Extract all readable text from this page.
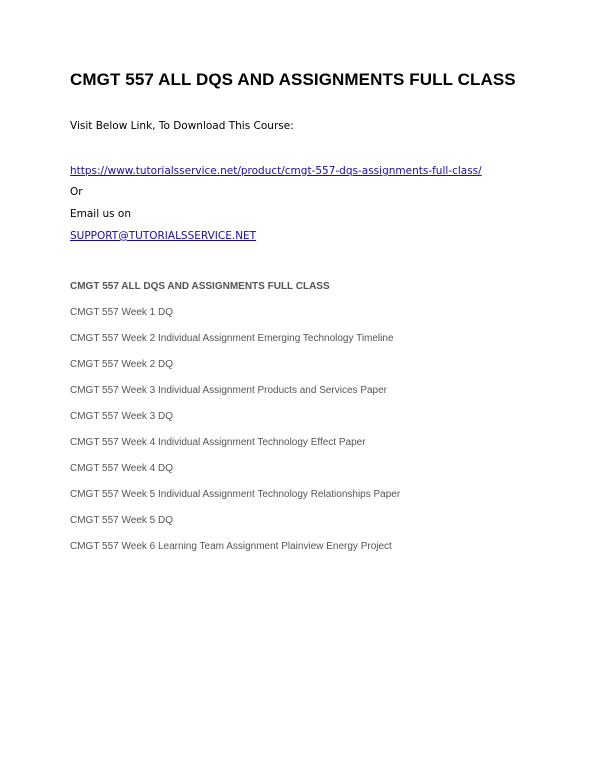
CMGT 557 ALL DQS AND ASSIGNMENTS FULL CLASS
Visit Below Link, To Download This Course:
https://www.tutorialsservice.net/product/cmgt-557-dqs-assignments-full-class/
Or
Email us on
SUPPORT@TUTORIALSSERVICE.NET
CMGT 557 ALL DQS AND ASSIGNMENTS FULL CLASS
CMGT 557 Week 1 DQ
CMGT 557 Week 2 Individual Assignment Emerging Technology Timeline
CMGT 557 Week 2 DQ
CMGT 557 Week 3 Individual Assignment Products and Services Paper
CMGT 557 Week 3 DQ
CMGT 557 Week 4 Individual Assignment Technology Effect Paper
CMGT 557 Week 4 DQ
CMGT 557 Week 5 Individual Assignment Technology Relationships Paper
CMGT 557 Week 5 DQ
CMGT 557 Week 6 Learning Team Assignment Plainview Energy Project
